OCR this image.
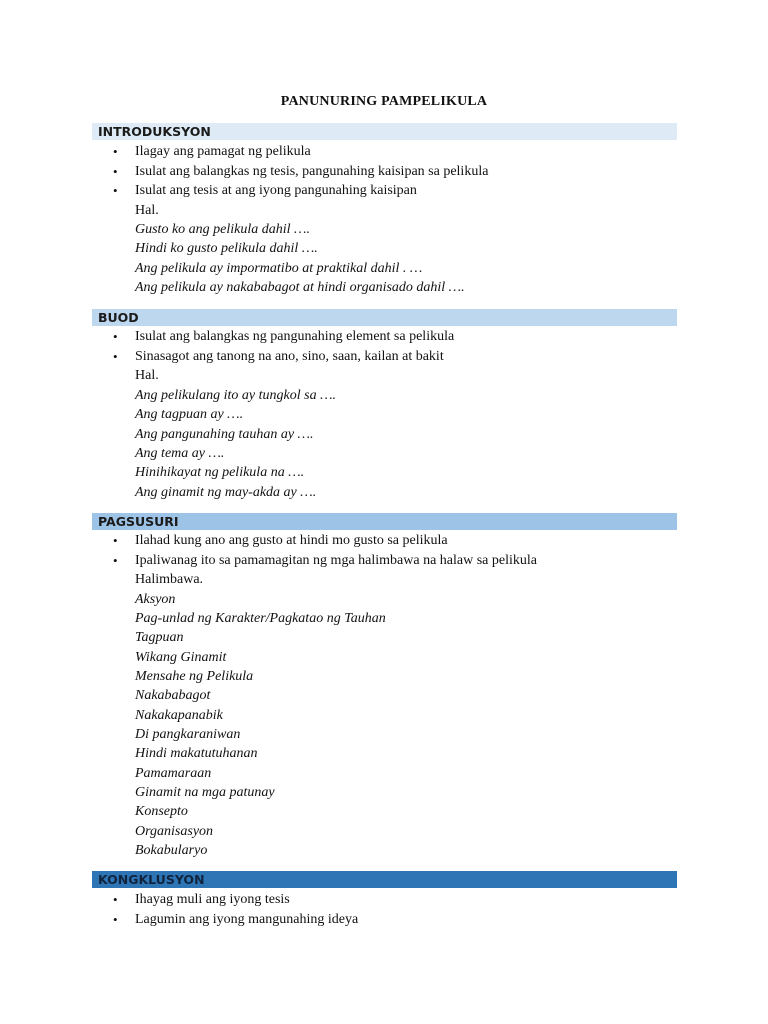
PANUNURING PAMPELIKULA
INTRODUKSYON
• Ilagay ang pamagat ng pelikula
• Isulat ang balangkas ng tesis, pangunahing kaisipan sa pelikula
• Isulat ang tesis at ang iyong pangunahing kaisipan
Hal.
Gusto ko ang pelikula dahil ….
Hindi ko gusto pelikula dahil ….
Ang pelikula ay impormatibo at praktikal dahil . …
Ang pelikula ay nakababagot at hindi organisado dahil ….
BUOD
• Isulat ang balangkas ng pangunahing element sa pelikula
• Sinasagot ang tanong na ano, sino, saan, kailan at bakit
Hal.
Ang pelikulang ito ay tungkol sa ….
Ang tagpuan ay ….
Ang pangunahing tauhan ay ….
Ang tema ay ….
Hinihikayat ng pelikula na ….
Ang ginamit ng may-akda ay ….
PAGSUSURI
• Ilahad kung ano ang gusto at hindi mo gusto sa pelikula
• Ipaliwanag ito sa pamamagitan ng mga halimbawa na halaw sa pelikula
Halimbawa.
Aksyon
Pag-unlad ng Karakter/Pagkatao ng Tauhan
Tagpuan
Wikang Ginamit
Mensahe ng Pelikula
Nakababagot
Nakakapanabik
Di pangkaraniwan
Hindi makatutuhanan
Pamamaraan
Ginamit na mga patunay
Konsepto
Organisasyon
Bokabularyo
KONGKLUSYON
• Ihayag muli ang iyong tesis
• Lagumin ang iyong mangunahing ideya
